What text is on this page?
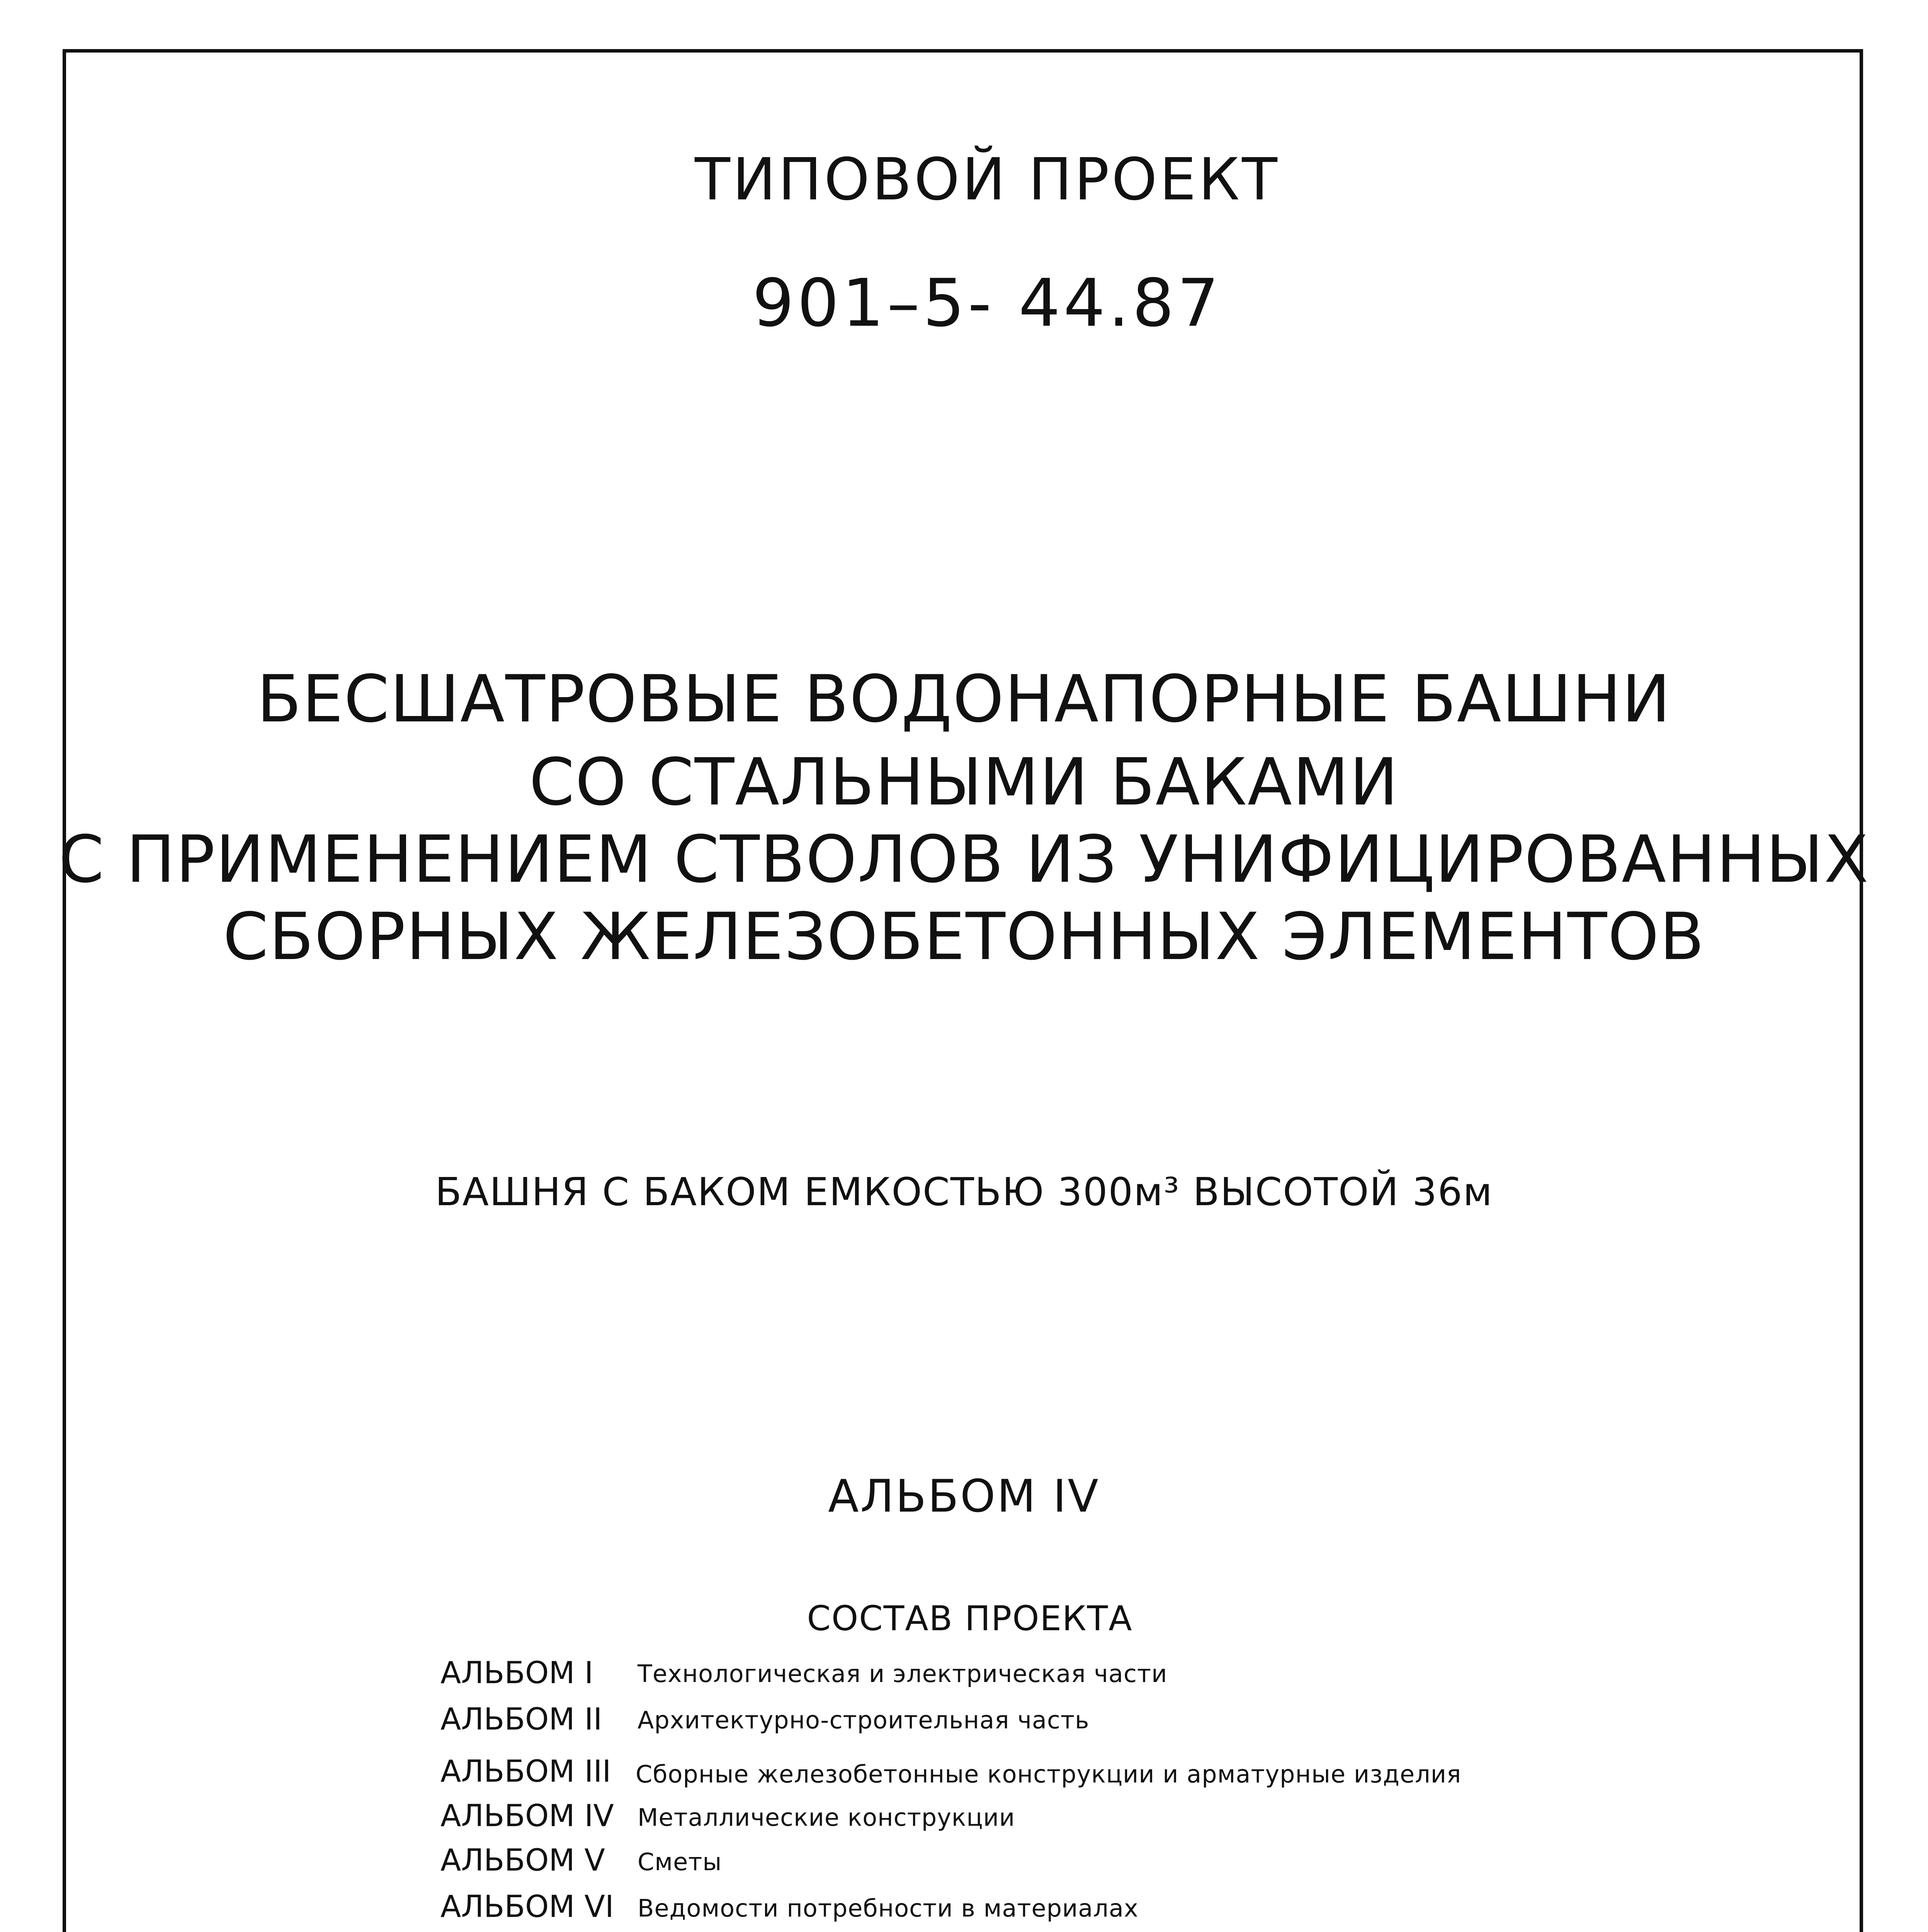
ТИПОВОЙ ПРОЕКТ
901–5- 44.87
БЕСШАТРОВЫЕ ВОДОНАПОРНЫЕ БАШНИ
СО СТАЛЬНЫМИ БАКАМИ
С ПРИМЕНЕНИЕМ СТВОЛОВ ИЗ УНИФИЦИРОВАННЫХ
СБОРНЫХ ЖЕЛЕЗОБЕТОННЫХ ЭЛЕМЕНТОВ
БАШНЯ С БАКОМ ЕМКОСТЬЮ 300м³ ВЫСОТОЙ 36м
АЛЬБОМ IV
СОСТАВ ПРОЕКТА
АЛЬБОМ I Технологическая и электрическая части
АЛЬБОМ II Архитектурно-строительная часть
АЛЬБОМ III Сборные железобетонные конструкции и арматурные изделия
АЛЬБОМ IV Металлические конструкции
АЛЬБОМ V Сметы
АЛЬБОМ VI Ведомости потребности в материалах
